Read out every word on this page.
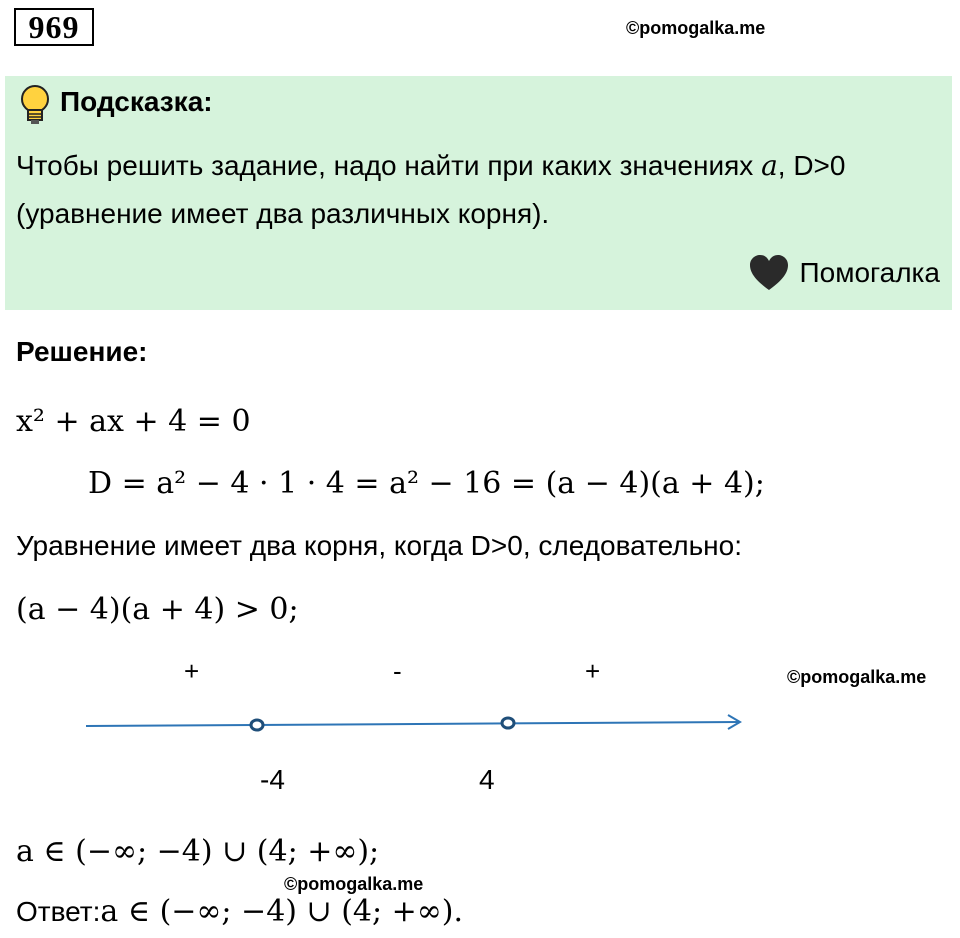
969	©pomogalka.me
Подсказка:
Чтобы решить задание, надо найти при каких значениях a, D>0 (уравнение имеет два различных корня).
Помогалка
Решение:
x² + ax + 4 = 0
D = a² − 4 · 1 · 4 = a² − 16 = (a − 4)(a + 4);
Уравнение имеет два корня, когда D>0, следовательно:
(a − 4)(a + 4) > 0;
+	-	+	©pomogalka.me
-4	4
a ∈ (−∞; −4) ∪ (4; +∞);
©pomogalka.me
Ответ:a ∈ (−∞; −4) ∪ (4; +∞).
